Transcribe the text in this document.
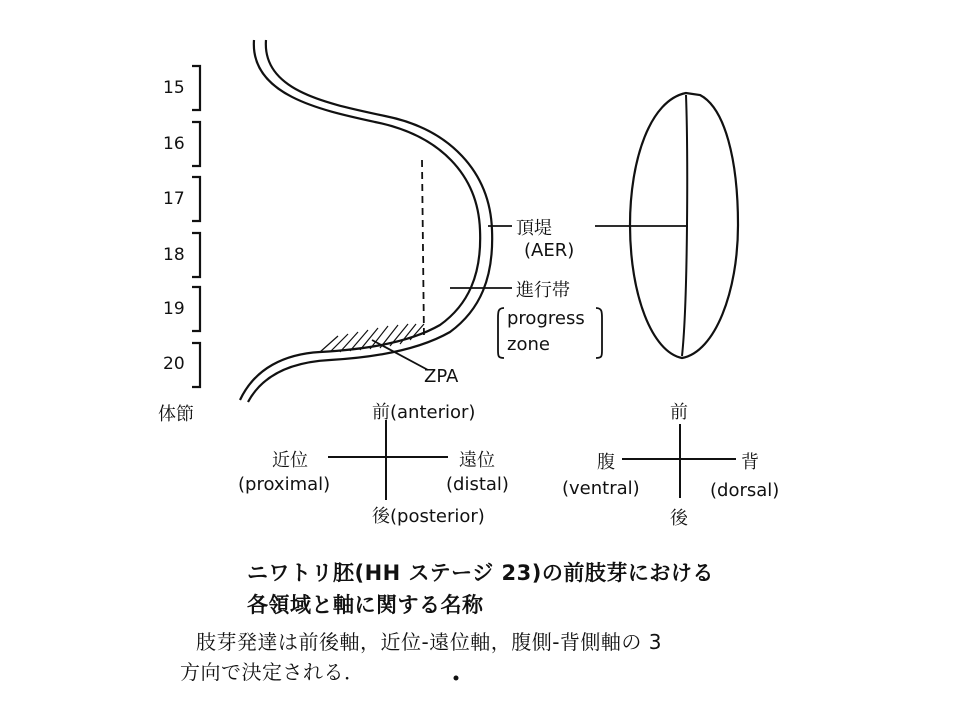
15
16
17
18
19
20
体節
頂堤
(AER)
進行帯
progress
zone
ZPA
前(anterior)
近位
(proximal)
遠位
(distal)
後(posterior)
前
腹
(ventral)
背
(dorsal)
後
ニワトリ胚(HH ステージ 23)の前肢芽における
各領域と軸に関する名称
肢芽発達は前後軸，近位-遠位軸，腹側-背側軸の 3
方向で決定される．
